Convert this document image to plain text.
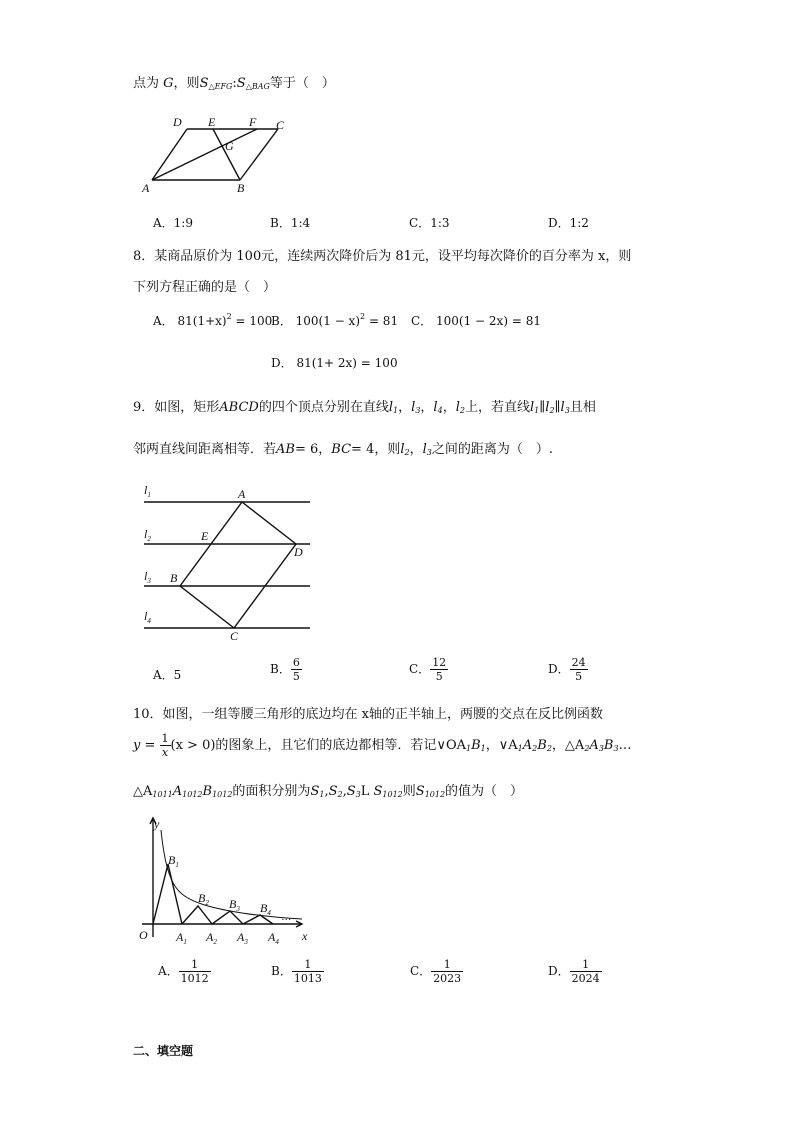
点为 G，则$S_{\triangle EFG}:S_{\triangle BAG}$等于（　）
D E	F C
G
A	B
A．1:9	B．1:4	C．1:3	D．1:2
8．某商品原价为 100元，连续两次降价后为 81元，设平均每次降价的百分率为 x，则
下列方程正确的是（　）
A． $81(1+x)^2 = 100$
B． $100(1 - x)^2 = 81$ C． 100(1 − 2x) = 81
D． 81(1+ 2x) = 100
9．如图，矩形ABCD的四个顶点分别在直线$l_1$，$l_3$，$l_4$，$l_2$上，若直线$l_1\parallel l_2\parallel l_3$且相
邻两直线间距离相等．若AB= 6，BC= 4，则$l_2$，$l_3$之间的距离为（　）.
$l_1$
$l_2$
$l_3$
$l_4$
A
E
D
B
C
A．5	B． $\frac{6}{5}$	C． $\frac{12}{5}$	D． $\frac{24}{5}$
10．如图，一组等腰三角形的底边均在 x轴的正半轴上，两腰的交点在反比例函数
$y = \frac{1}{x} (x > 0)$的图象上，且它们的底边都相等．若记$\vee OA_1B_1$，$\vee A_1A_2B_2$，$\triangle A_2A_3B_3\dots$
$\triangle A_{1011}A_{1012}B_{1012}$的面积分别为$S_1,S_2,S_3L$ $S_{1012}$则$S_{1012}$的值为（　）
y
x
O
$B_1$
$B_2$ $B_3$ $B_4$
$A_1$ $A_2$ $A_3$ $A_4$
…
A． $\frac{1}{1012}$	B． $\frac{1}{1013}$	C． $\frac{1}{2023}$	D． $\frac{1}{2024}$
二、填空题
